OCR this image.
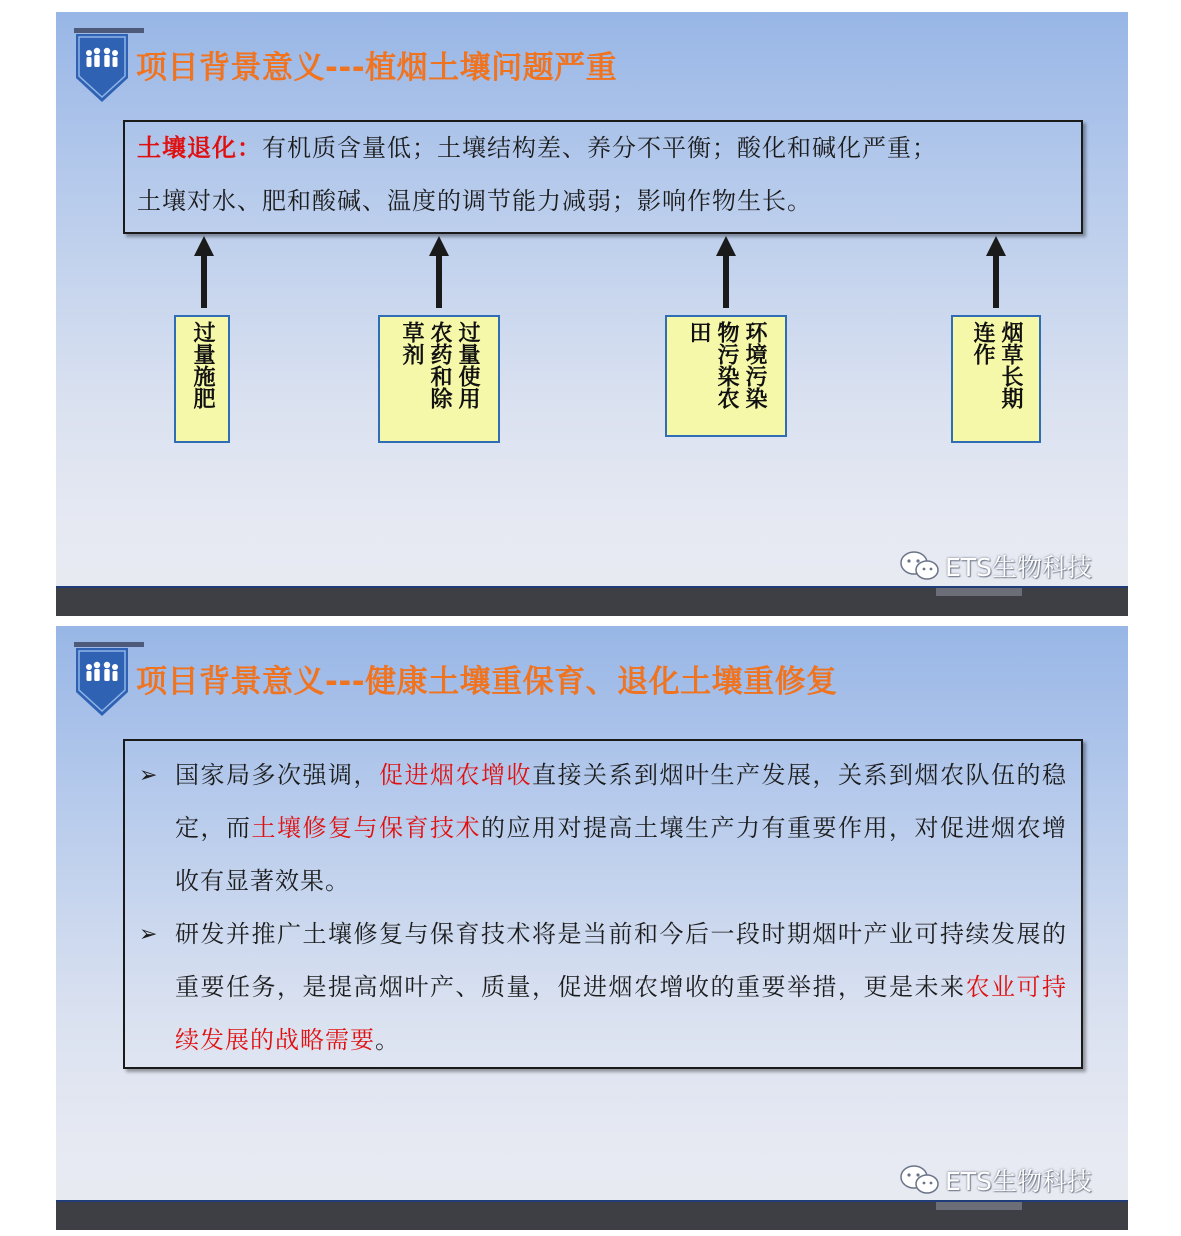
项目背景意义---植烟土壤问题严重

土壤退化：有机质含量低；土壤结构差、养分不平衡；酸化和碱化严重；

土壤对水、肥和酸碱、温度的调节能力减弱；影响作物生长。

过量施肥	过量使用
农药和除
草剂	环境污染
物污染农
田	烟草长期
连作
ETS生物科技
项目背景意义---健康土壤重保育、退化土壤重修复

➢ 国家局多次强调，促进烟农增收直接关系到烟叶生产发展，关系到烟农队伍的稳定，而土壤修复与保育技术的应用对提高土壤生产力有重要作用，对促进烟农增收有显著效果。

➢ 研发并推广土壤修复与保育技术将是当前和今后一段时期烟叶产业可持续发展的重要任务，是提高烟叶产、质量，促进烟农增收的重要举措，更是未来农业可持续发展的战略需要。

ETS生物科技
